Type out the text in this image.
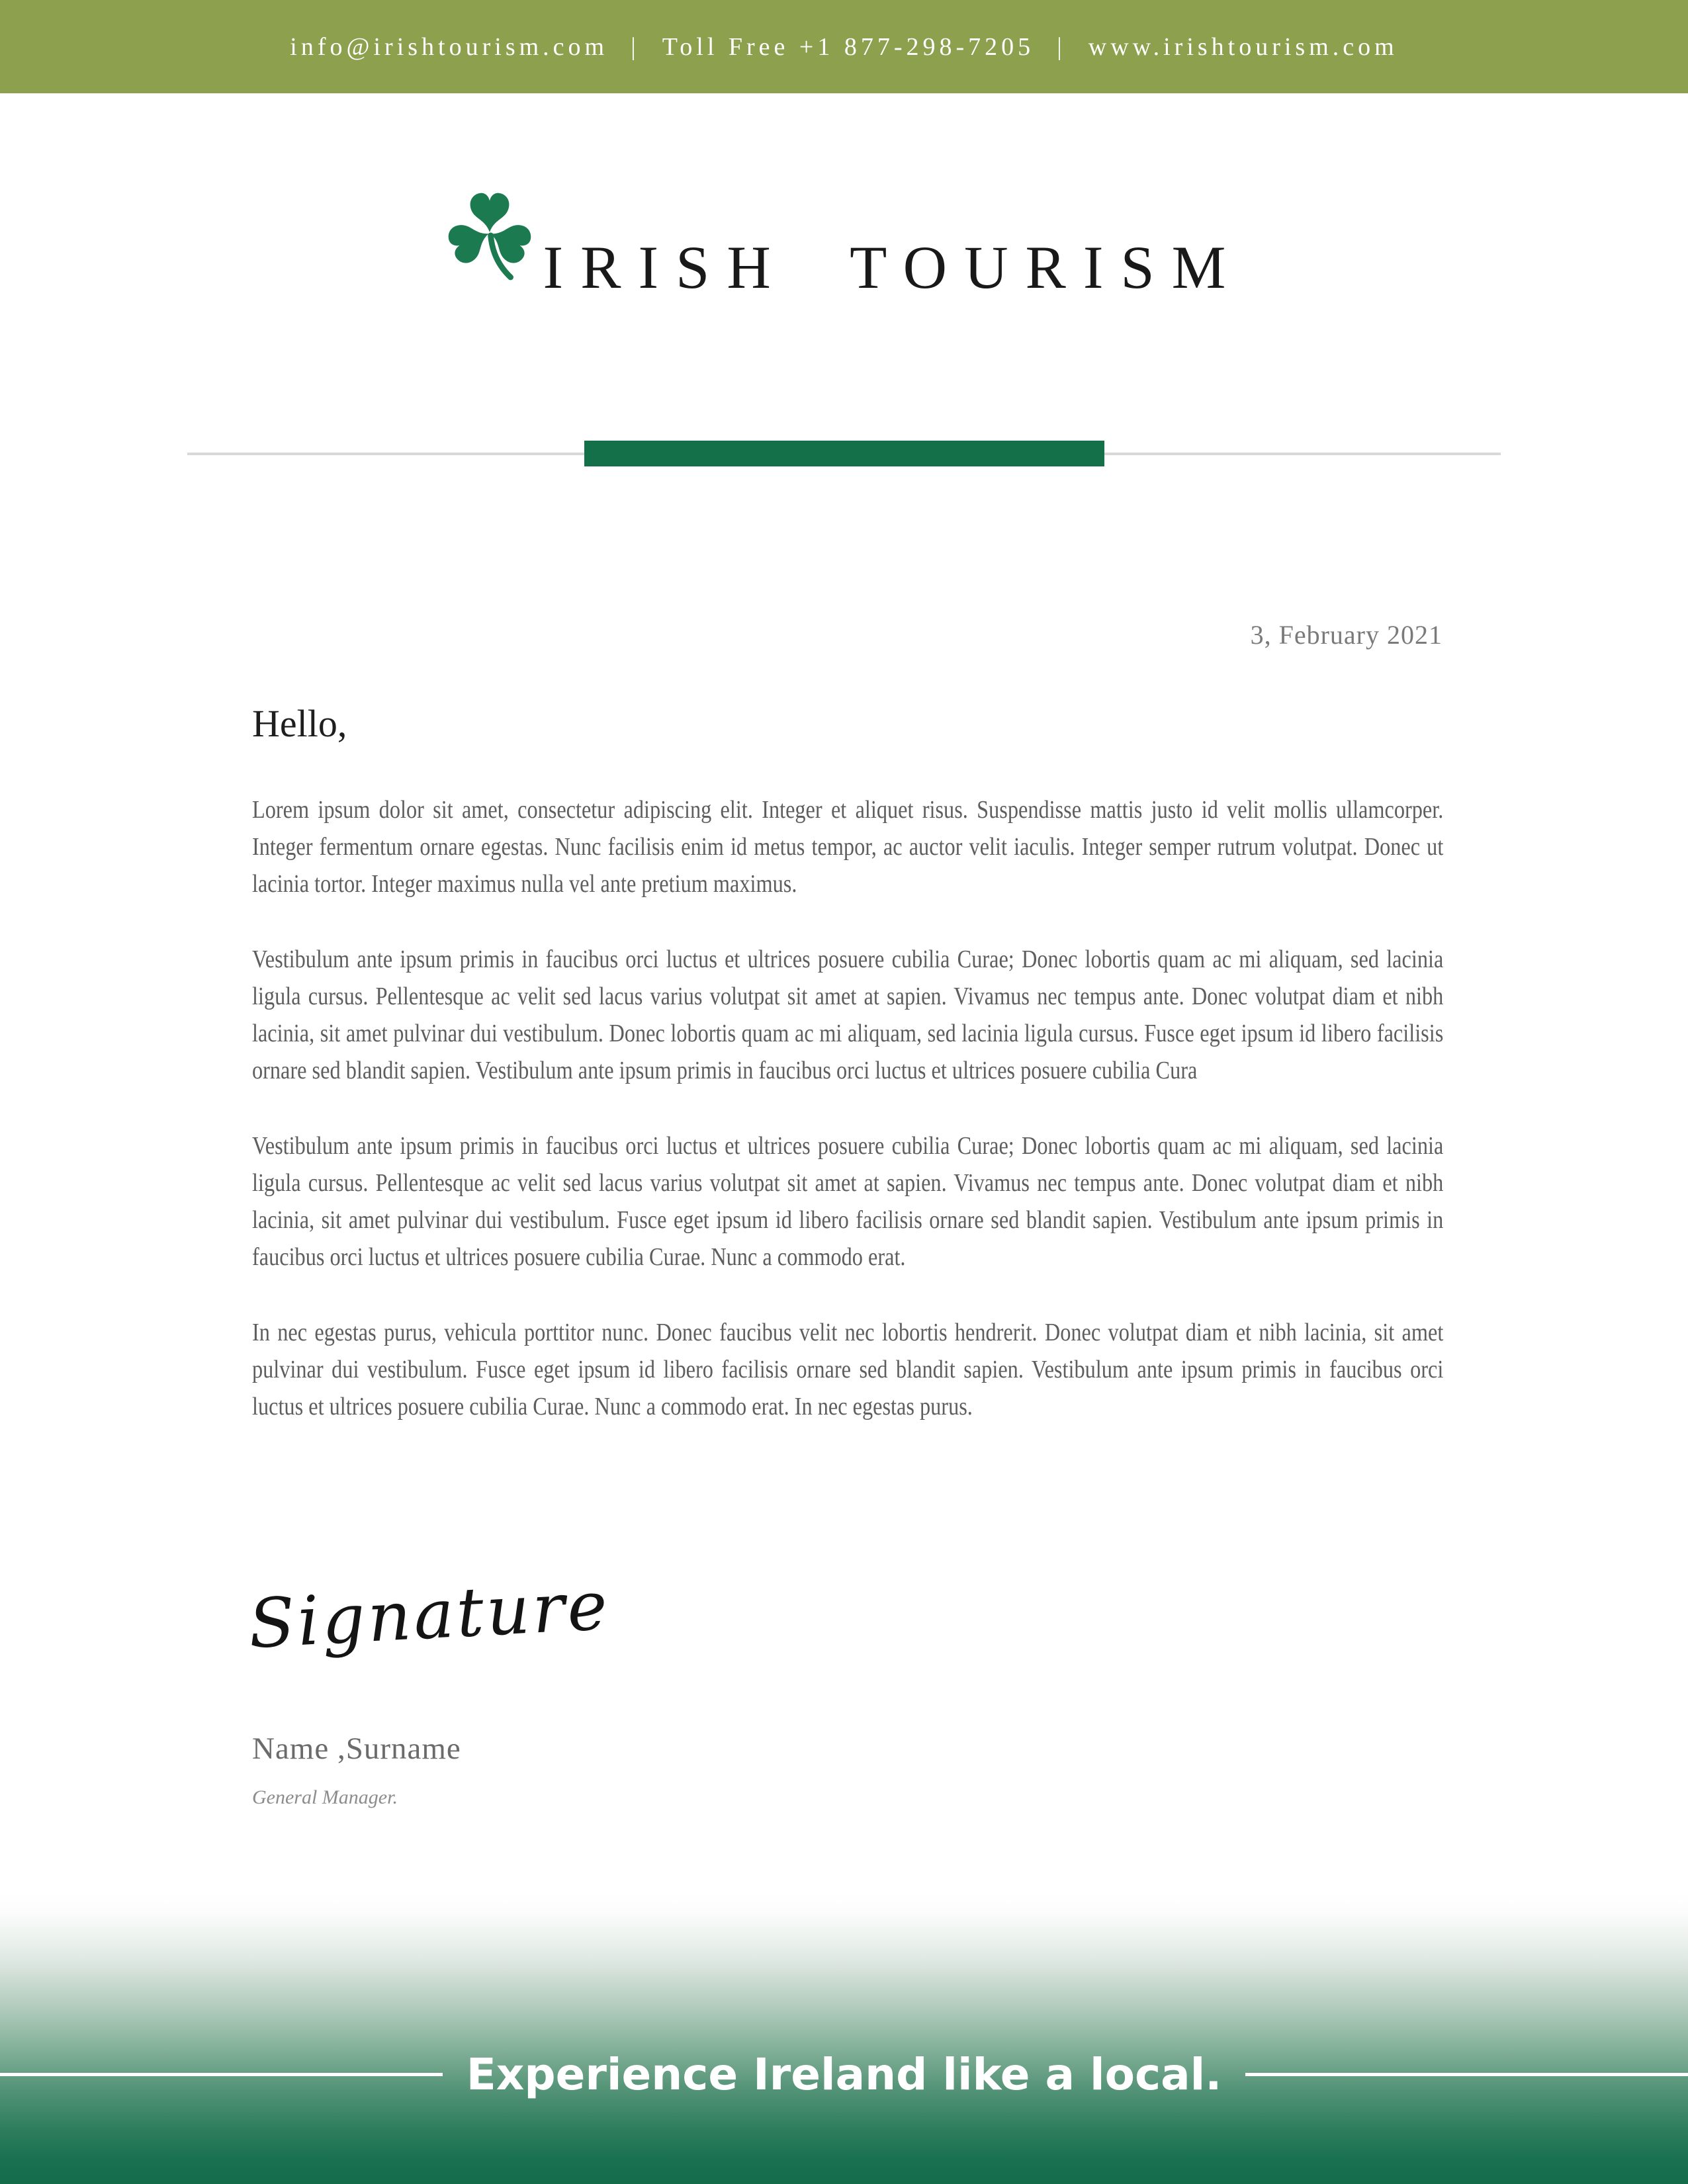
info@irishtourism.com | Toll Free +1 877-298-7205 | www.irishtourism.com
IRISH TOURISM
3, February 2021
Hello,

Lorem ipsum dolor sit amet, consectetur adipiscing elit. Integer et aliquet risus. Suspendisse mattis justo id velit mollis ullamcorper. Integer fermentum ornare egestas. Nunc facilisis enim id metus tempor, ac auctor velit iaculis. Integer semper rutrum volutpat. Donec ut lacinia tortor. Integer maximus nulla vel ante pretium maximus.

Vestibulum ante ipsum primis in faucibus orci luctus et ultrices posuere cubilia Curae; Donec lobortis quam ac mi aliquam, sed lacinia ligula cursus. Pellentesque ac velit sed lacus varius volutpat sit amet at sapien. Vivamus nec tempus ante. Donec volutpat diam et nibh lacinia, sit amet pulvinar dui vestibulum. Donec lobortis quam ac mi aliquam, sed lacinia ligula cursus. Fusce eget ipsum id libero facilisis ornare sed blandit sapien. Vestibulum ante ipsum primis in faucibus orci luctus et ultrices posuere cubilia Cura

Vestibulum ante ipsum primis in faucibus orci luctus et ultrices posuere cubilia Curae; Donec lobortis quam ac mi aliquam, sed lacinia ligula cursus. Pellentesque ac velit sed lacus varius volutpat sit amet at sapien. Vivamus nec tempus ante. Donec volutpat diam et nibh lacinia, sit amet pulvinar dui vestibulum. Fusce eget ipsum id libero facilisis ornare sed blandit sapien. Vestibulum ante ipsum primis in faucibus orci luctus et ultrices posuere cubilia Curae. Nunc a commodo erat.

In nec egestas purus, vehicula porttitor nunc. Donec faucibus velit nec lobortis hendrerit. Donec volutpat diam et nibh lacinia, sit amet pulvinar dui vestibulum. Fusce eget ipsum id libero facilisis ornare sed blandit sapien. Vestibulum ante ipsum primis in faucibus orci luctus et ultrices posuere cubilia Curae. Nunc a commodo erat. In nec egestas purus.

Signature
Name ,Surname
General Manager.
Experience Ireland like a local.
